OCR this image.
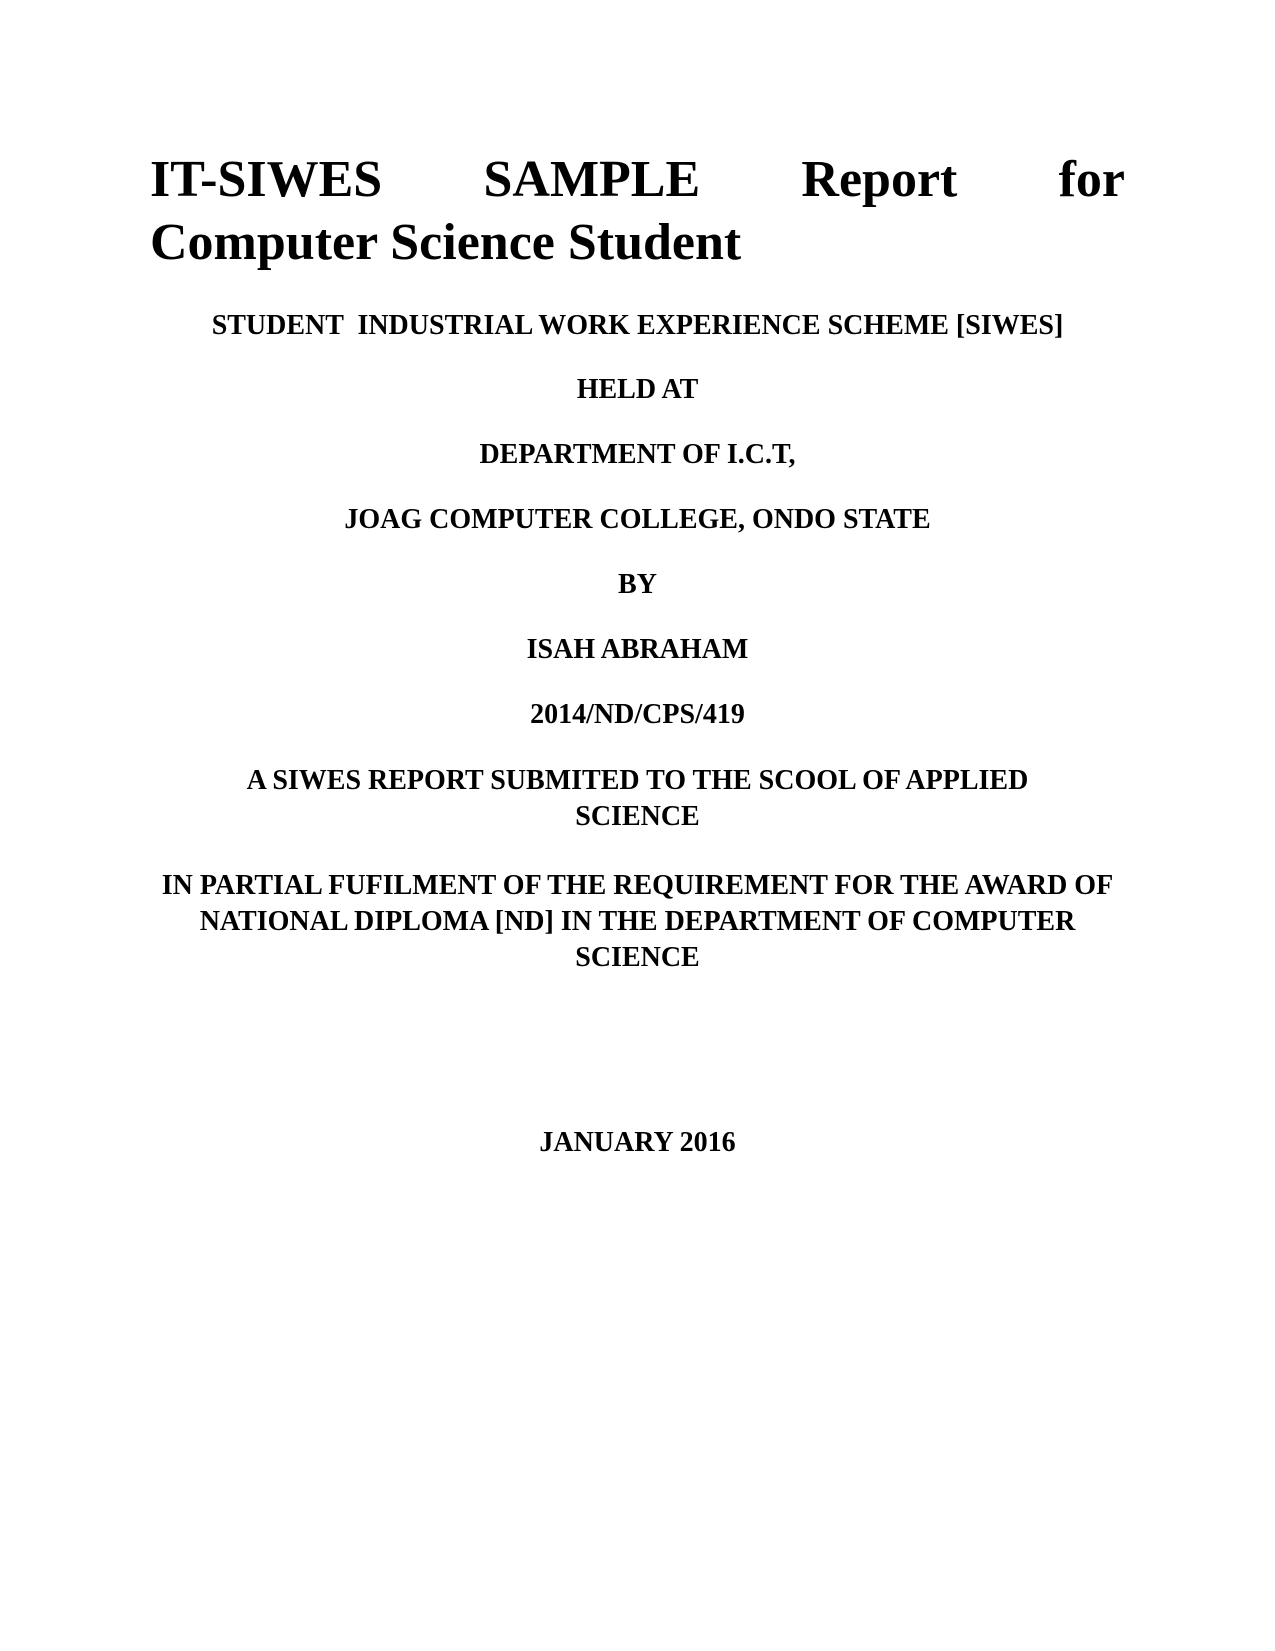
IT-SIWES SAMPLE Report for
Computer Science Student

STUDENT  INDUSTRIAL WORK EXPERIENCE SCHEME [SIWES]

HELD AT

DEPARTMENT OF I.C.T,

JOAG COMPUTER COLLEGE, ONDO STATE

BY

ISAH ABRAHAM

2014/ND/CPS/419

A SIWES REPORT SUBMITED TO THE SCOOL OF APPLIED SCIENCE

IN PARTIAL FUFILMENT OF THE REQUIREMENT FOR THE AWARD OF NATIONAL DIPLOMA [ND] IN THE DEPARTMENT OF COMPUTER SCIENCE

JANUARY 2016
